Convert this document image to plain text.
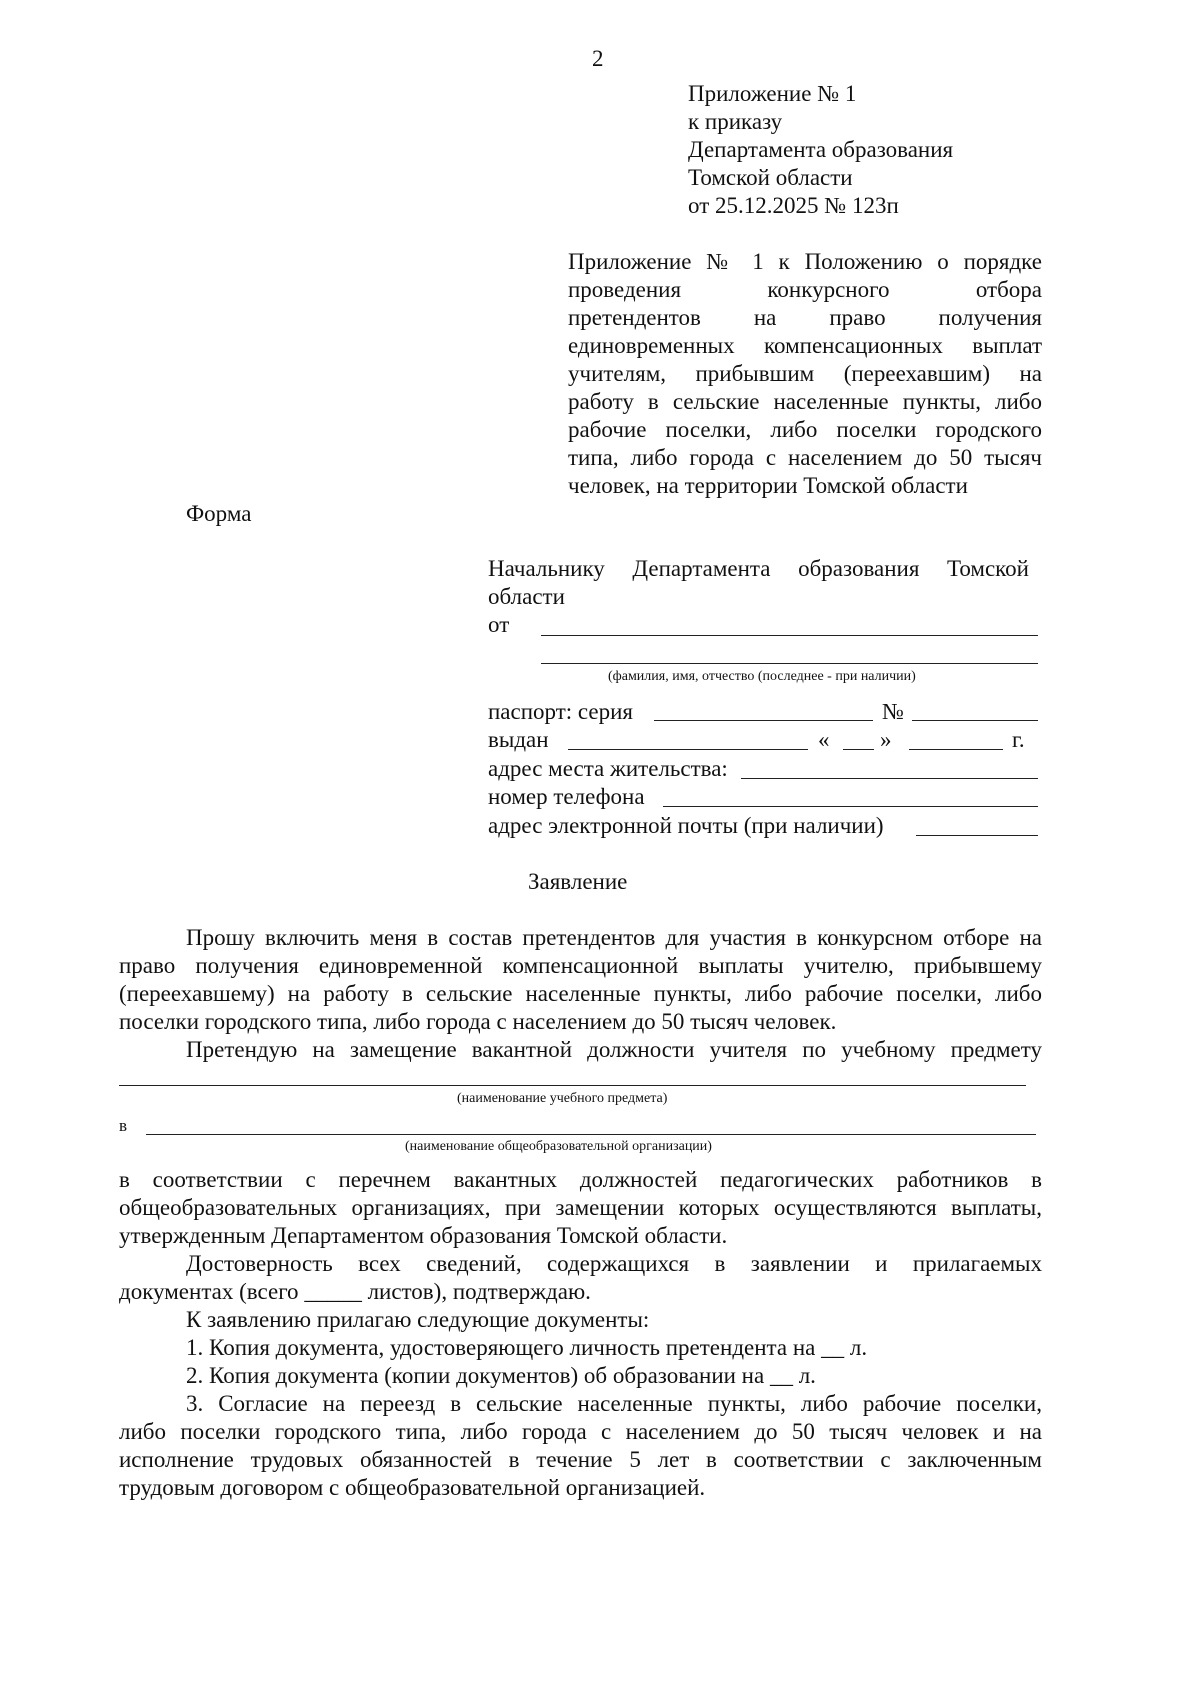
2
Приложение № 1
к приказу
Департамента образования
Томской области
от 25.12.2025 № 123п
Приложение № 1 к Положению о порядке
проведения конкурсного отбора
претендентов на право получения
единовременных компенсационных выплат
учителям, прибывшим (переехавшим) на
работу в сельские населенные пункты, либо
рабочие поселки, либо поселки городского
типа, либо города с населением до 50 тысяч
человек, на территории Томской области
Форма
Начальнику Департамента образования Томской
области
от
(фамилия, имя, отчество (последнее - при наличии)
паспорт: серия	№
выдан	« »	г.
адрес места жительства:
номер телефона
адрес электронной почты (при наличии)
Заявление
Прошу включить меня в состав претендентов для участия в конкурсном отборе на
право получения единовременной компенсационной выплаты учителю, прибывшему
(переехавшему) на работу в сельские населенные пункты, либо рабочие поселки, либо
поселки городского типа, либо города с населением до 50 тысяч человек.
Претендую на замещение вакантной должности учителя по учебному предмету
(наименование учебного предмета)
в
(наименование общеобразовательной организации)
в соответствии с перечнем вакантных должностей педагогических работников в
общеобразовательных организациях, при замещении которых осуществляются выплаты,
утвержденным Департаментом образования Томской области.
Достоверность всех сведений, содержащихся в заявлении и прилагаемых
документах (всего _____ листов), подтверждаю.
К заявлению прилагаю следующие документы:
1. Копия документа, удостоверяющего личность претендента на __ л.
2. Копия документа (копии документов) об образовании на __ л.
3. Согласие на переезд в сельские населенные пункты, либо рабочие поселки,
либо поселки городского типа, либо города с населением до 50 тысяч человек и на
исполнение трудовых обязанностей в течение 5 лет в соответствии с заключенным
трудовым договором с общеобразовательной организацией.
